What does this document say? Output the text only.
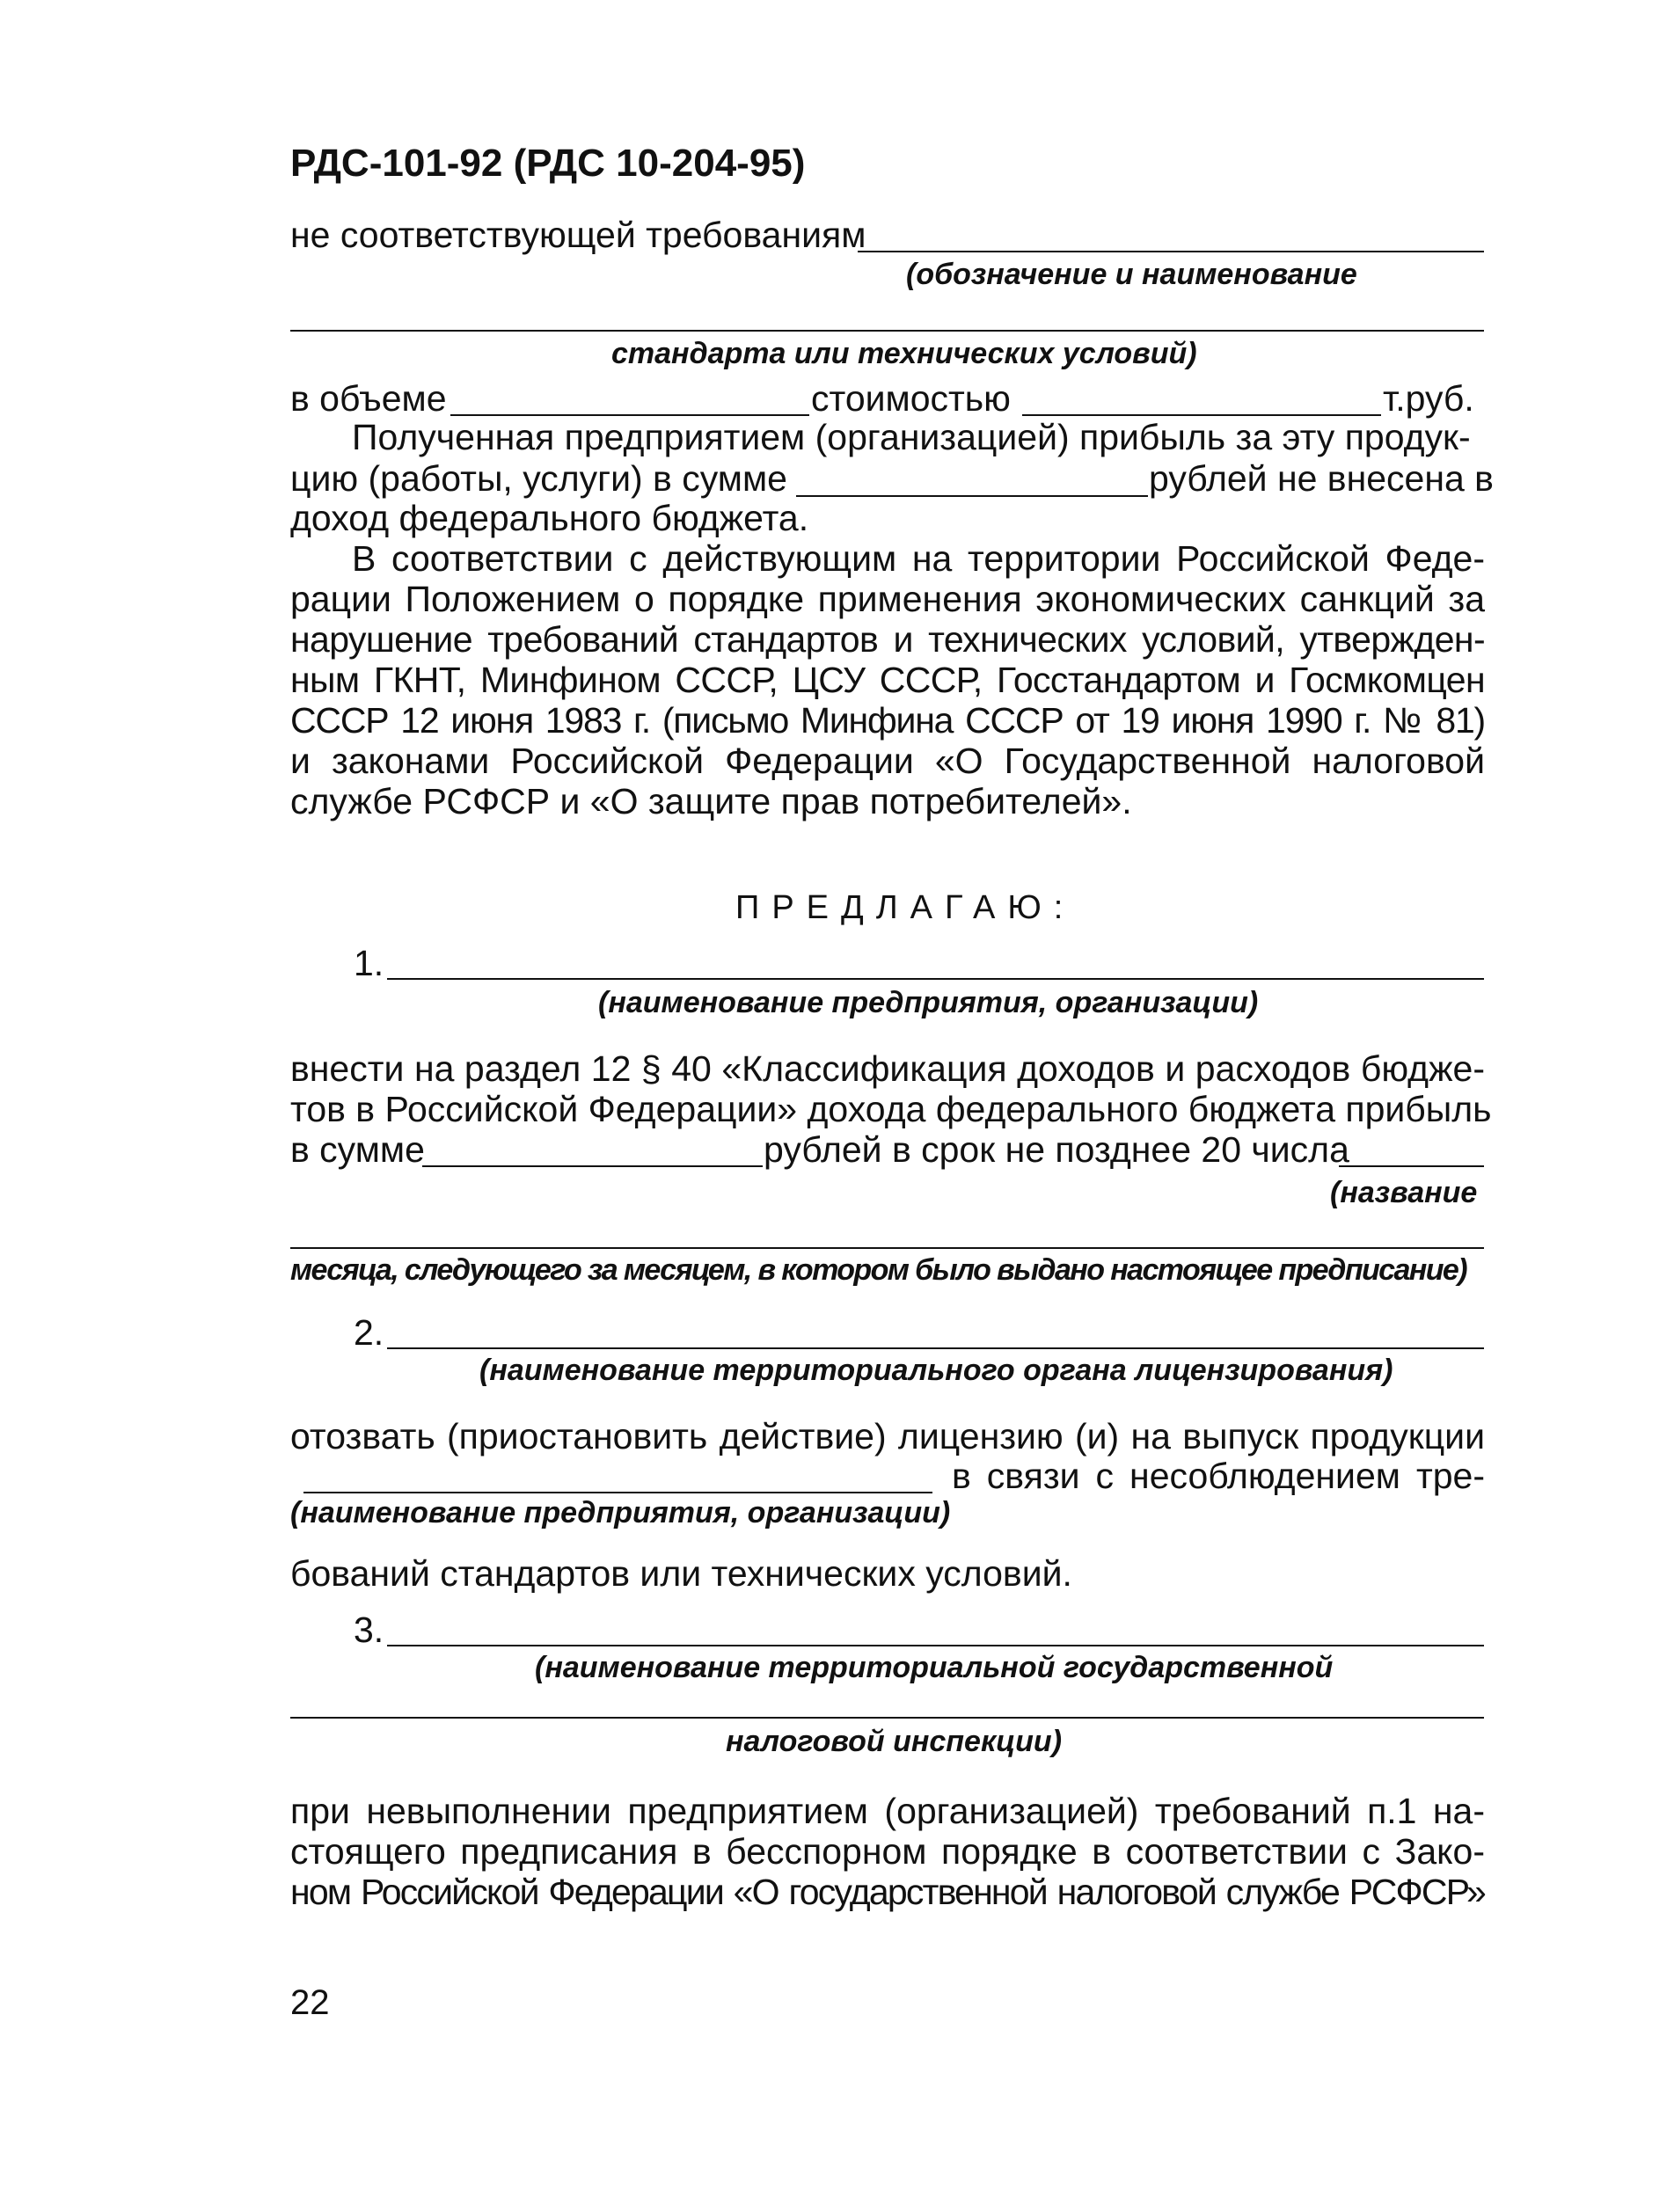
РДС-101-92 (РДС 10-204-95)
не соответствующей требованиям
(обозначение и наименование
стандарта или технических условий)
в объеме	стоимостью	т.руб.
Полученная предприятием (организацией) прибыль за эту продук-
цию (работы, услуги) в сумме	рублей не внесена в
доход федерального бюджета.
В соответствии с действующим на территории Российской Феде-
рации Положением о порядке применения экономических санкций за
нарушение требований стандартов и технических условий, утвержден-
ным ГКНТ, Минфином СССР, ЦСУ СССР, Госстандартом и Госмкомцен
СССР 12 июня 1983 г. (письмо Минфина СССР от 19 июня 1990 г. № 81)
и законами Российской Федерации «О Государственной налоговой
службе РСФСР и «О защите прав потребителей».
ПРЕДЛАГАЮ:
1.
(наименование предприятия, организации)
внести на раздел 12 § 40 «Классификация доходов и расходов бюдже-
тов в Российской Федерации» дохода федерального бюджета прибыль
в сумме	рублей в срок не позднее 20 числа
(название
месяца, следующего за месяцем, в котором было выдано настоящее предписание)
2.
(наименование территориального органа лицензирования)
отозвать (приостановить действие) лицензию (и) на выпуск продукции
в связи с несоблюдением тре-
(наименование предприятия, организации)
бований стандартов или технических условий.
3.
(наименование территориальной государственной
налоговой инспекции)
при невыполнении предприятием (организацией) требований п.1 на-
стоящего предписания в бесспорном порядке в соответствии с Зако-
ном Российской Федерации «О государственной налоговой службе РСФСР»
22
